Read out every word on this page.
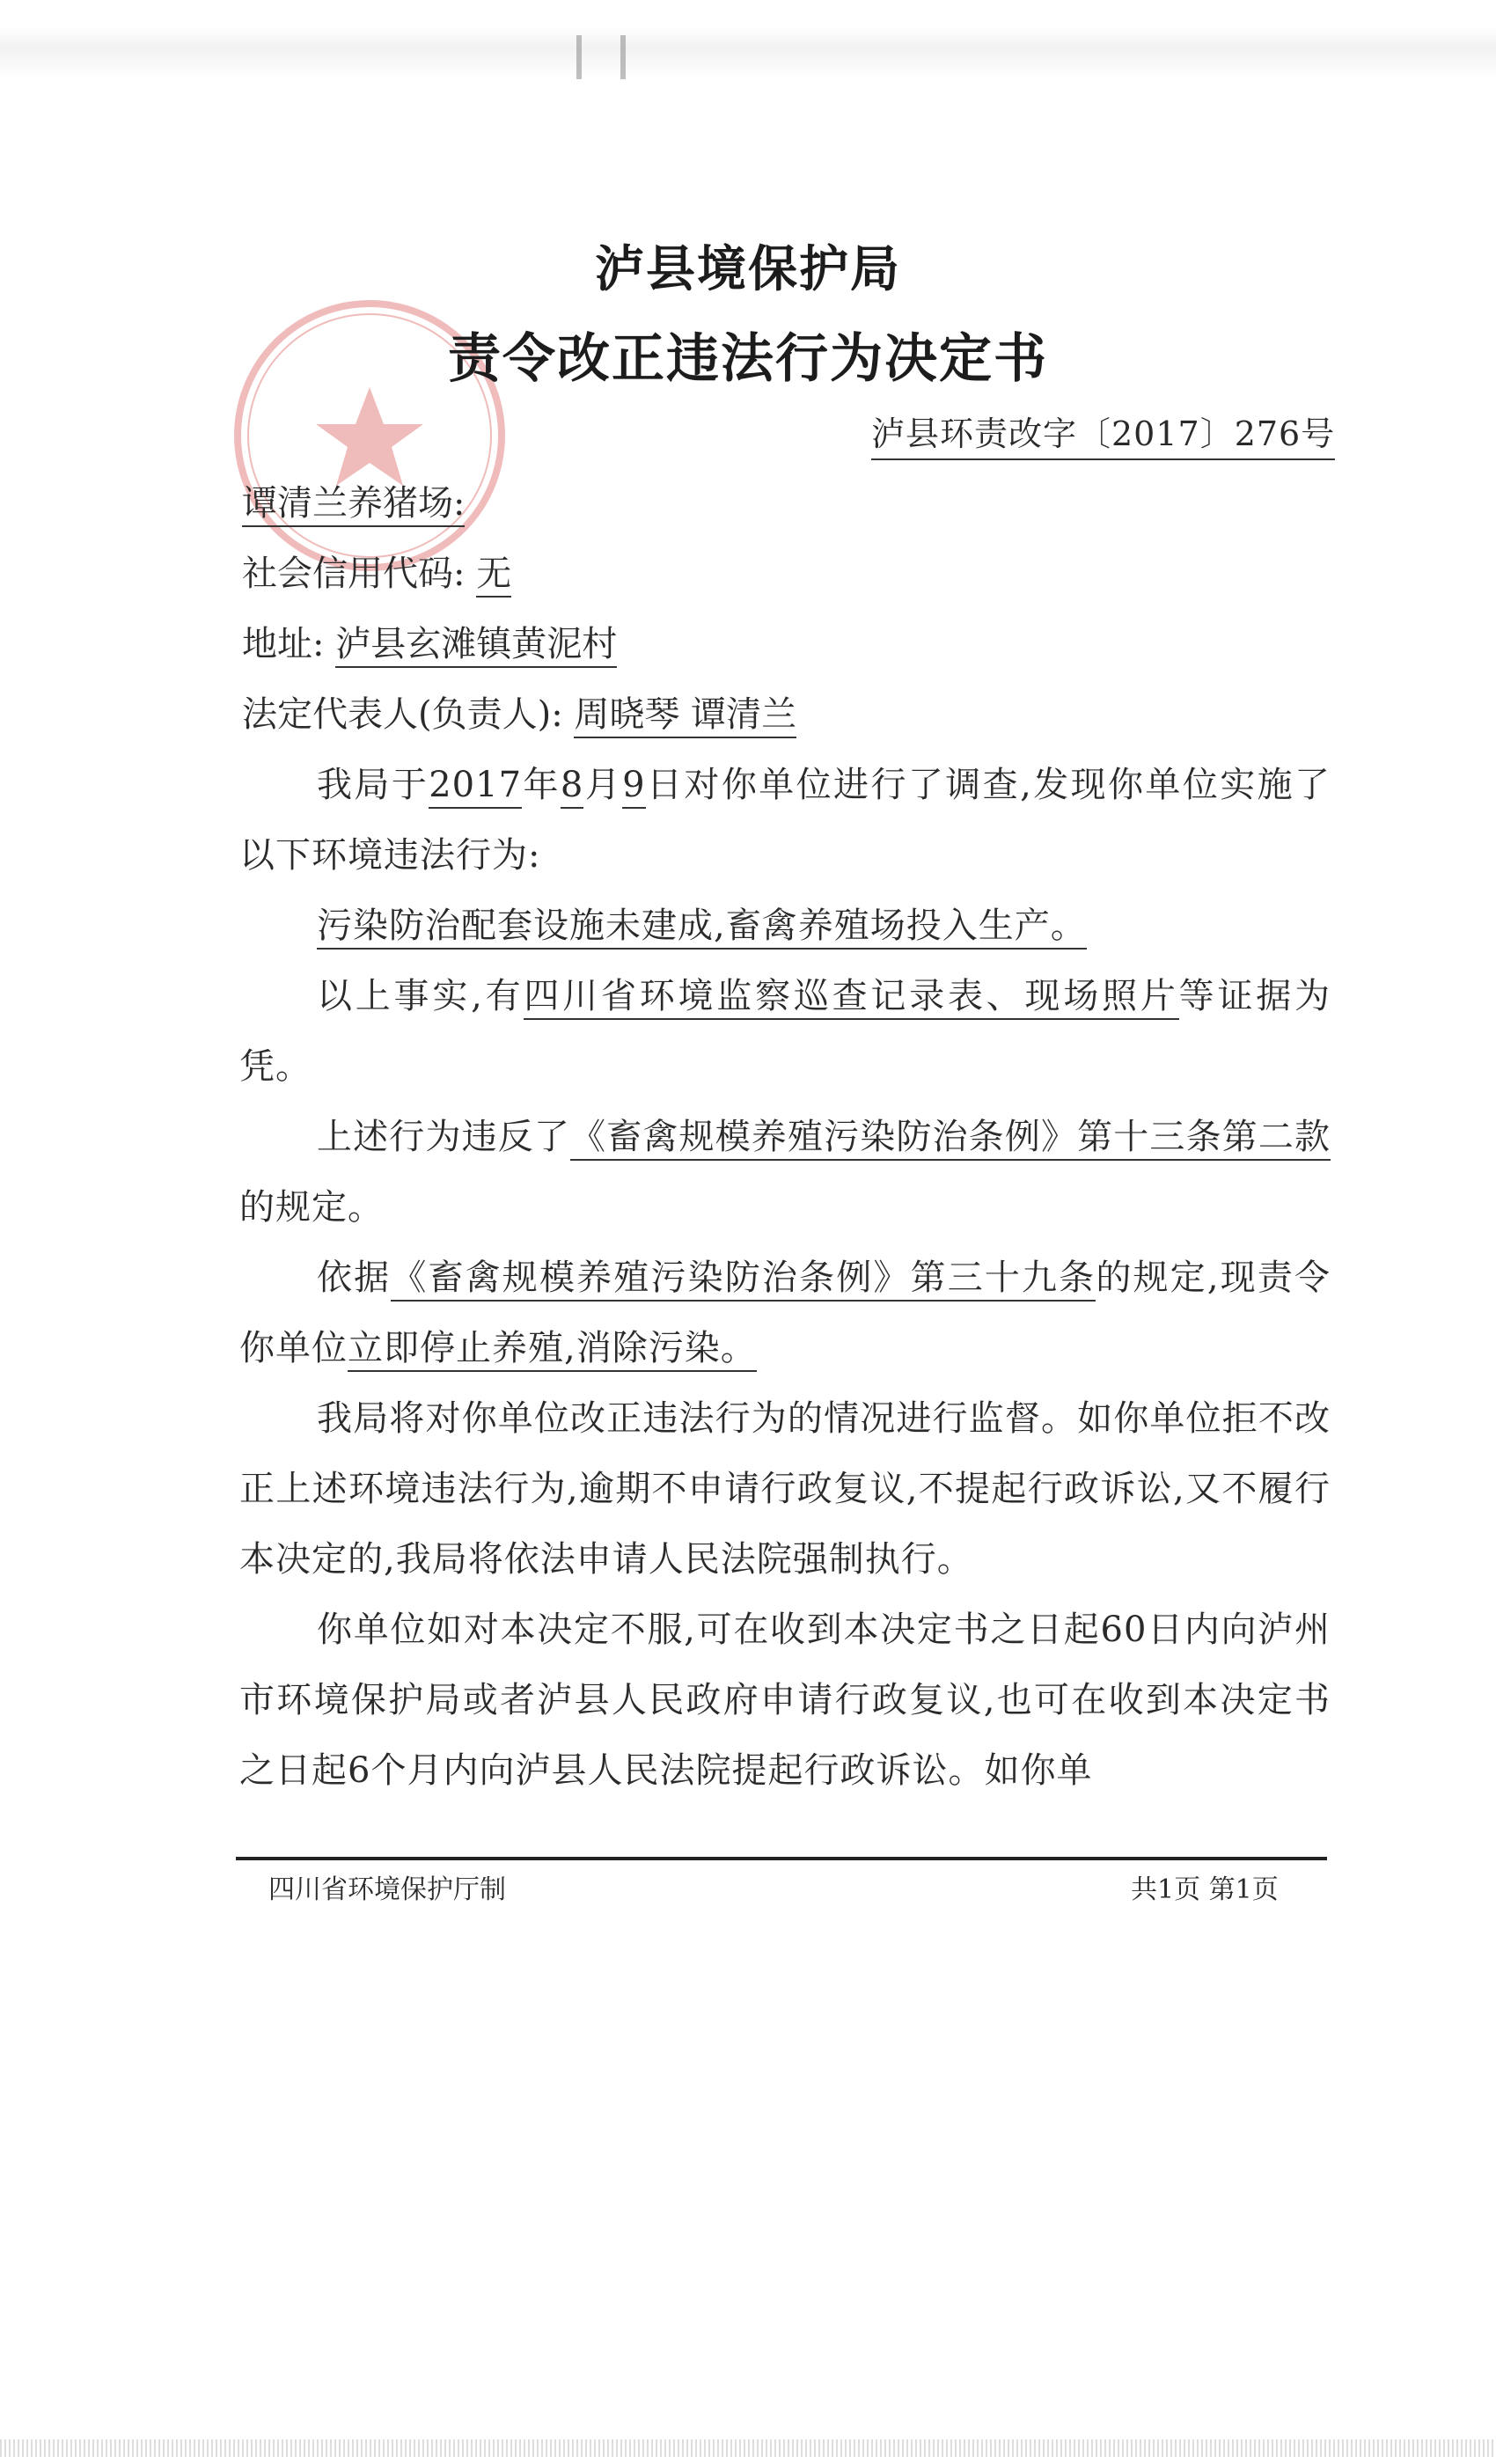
泸县境保护局
责令改正违法行为决定书
泸县环责改字〔2017〕276号
谭清兰养猪场:
社会信用代码: 无
地址: 泸县玄滩镇黄泥村
法定代表人(负责人): 周晓琴 谭清兰

我局于2017年8月9日对你单位进行了调查,发现你单位实施了以下环境违法行为:

污染防治配套设施未建成,畜禽养殖场投入生产。

以上事实,有四川省环境监察巡查记录表、现场照片等证据为凭。

上述行为违反了《畜禽规模养殖污染防治条例》第十三条第二款的规定。

依据《畜禽规模养殖污染防治条例》第三十九条的规定,现责令你单位立即停止养殖,消除污染。

我局将对你单位改正违法行为的情况进行监督。如你单位拒不改正上述环境违法行为,逾期不申请行政复议,不提起行政诉讼,又不履行本决定的,我局将依法申请人民法院强制执行。

你单位如对本决定不服,可在收到本决定书之日起60日内向泸州市环境保护局或者泸县人民政府申请行政复议,也可在收到本决定书之日起6个月内向泸县人民法院提起行政诉讼。如你单

四川省环境保护厅制	共1页 第1页
